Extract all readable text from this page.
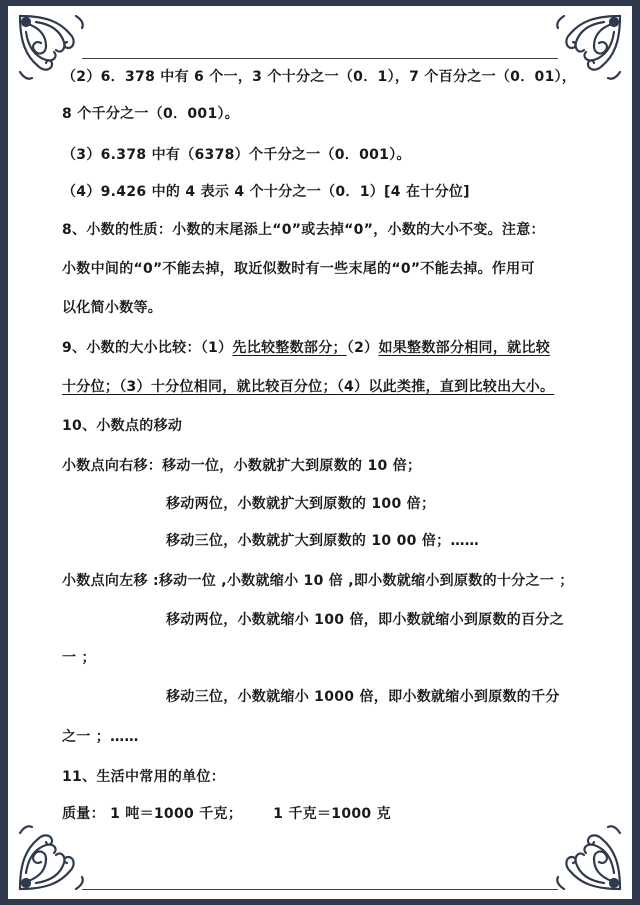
（2）6．378 中有 6 个一，3 个十分之一（0．1），7 个百分之一（0．01），
8 个千分之一（0．001）。
（3）6.378 中有（6378）个千分之一（0．001）。
（4）9.426 中的 4 表示 4 个十分之一（0．1）[4 在十分位]
8、小数的性质：小数的末尾添上“0”或去掉“0”，小数的大小不变。注意：
小数中间的“0”不能去掉，取近似数时有一些末尾的“0”不能去掉。作用可
以化简小数等。
9、小数的大小比较：（1）先比较整数部分；（2）如果整数部分相同，就比较
十分位；（3）十分位相同，就比较百分位；（4）以此类推，直到比较出大小。
10、小数点的移动
小数点向右移：移动一位，小数就扩大到原数的 10 倍；
移动两位，小数就扩大到原数的 100 倍；
移动三位，小数就扩大到原数的 10 00 倍；……
小数点向左移 :移动一位 ,小数就缩小 10 倍 ,即小数就缩小到原数的十分之一 ；
移动两位，小数就缩小 100 倍，即小数就缩小到原数的百分之
一 ；
移动三位，小数就缩小 1000 倍，即小数就缩小到原数的千分
之一 ；……
11、生活中常用的单位：
质量： 1 吨＝1000 千克；      1 千克＝1000 克
